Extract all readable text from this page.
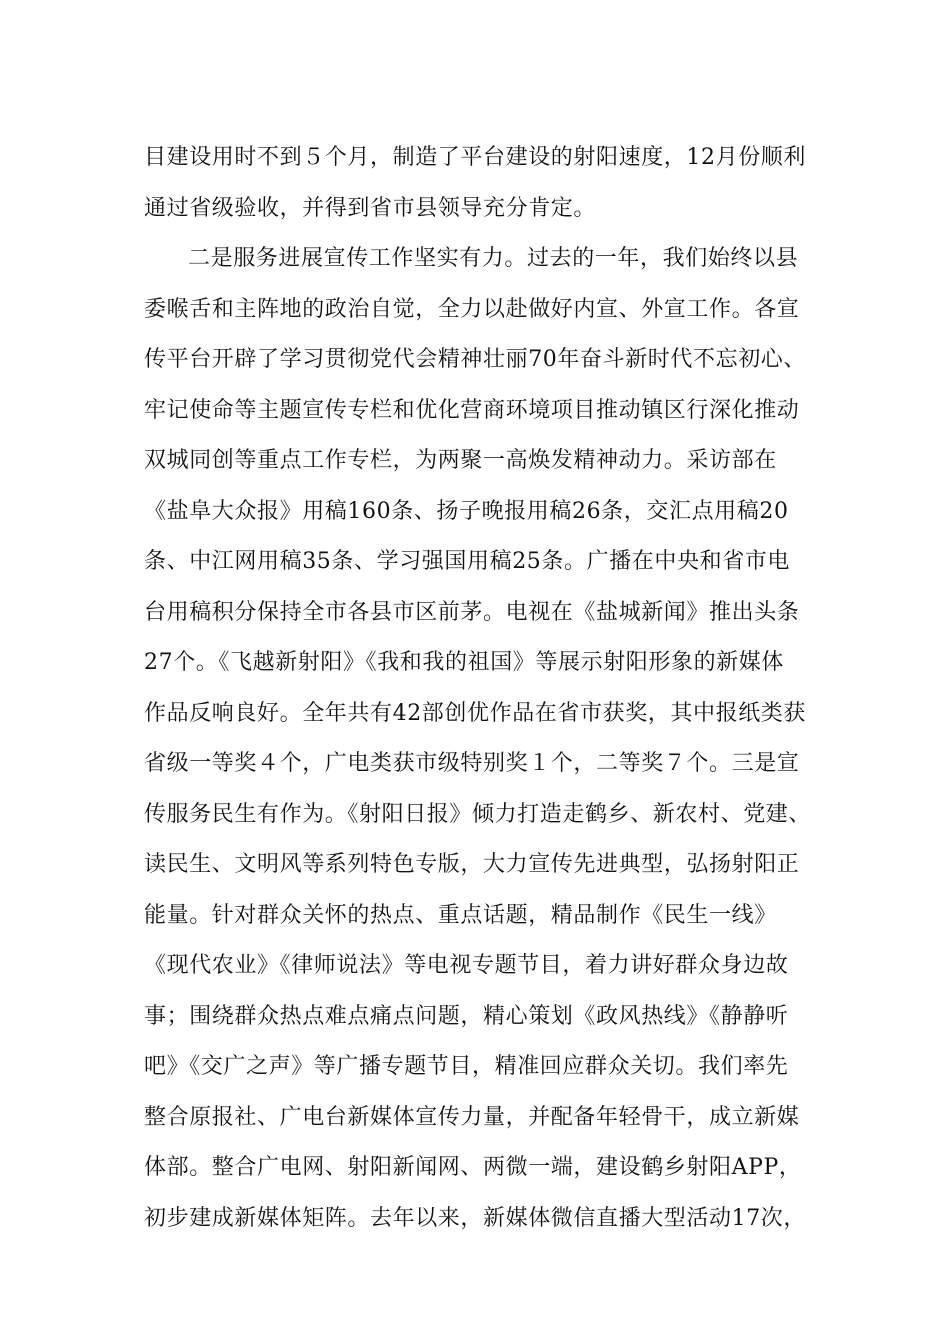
目建设用时不到５个月，制造了平台建设的射阳速度，12月份顺利
通过省级验收，并得到省市县领导充分肯定。
二是服务进展宣传工作坚实有力。过去的一年，我们始终以县
委喉舌和主阵地的政治自觉，全力以赴做好内宣、外宣工作。各宣
传平台开辟了学习贯彻党代会精神壮丽70年奋斗新时代不忘初心、
牢记使命等主题宣传专栏和优化营商环境项目推动镇区行深化推动
双城同创等重点工作专栏，为两聚一高焕发精神动力。采访部在
《盐阜大众报》用稿160条、扬子晚报用稿26条，交汇点用稿20
条、中江网用稿35条、学习强国用稿25条。广播在中央和省市电
台用稿积分保持全市各县市区前茅。电视在《盐城新闻》推出头条
27个。《飞越新射阳》《我和我的祖国》等展示射阳形象的新媒体
作品反响良好。全年共有42部创优作品在省市获奖，其中报纸类获
省级一等奖４个，广电类获市级特别奖１个，二等奖７个。三是宣
传服务民生有作为。《射阳日报》倾力打造走鹤乡、新农村、党建、
读民生、文明风等系列特色专版，大力宣传先进典型，弘扬射阳正
能量。针对群众关怀的热点、重点话题，精品制作《民生一线》
《现代农业》《律师说法》等电视专题节目，着力讲好群众身边故
事；围绕群众热点难点痛点问题，精心策划《政风热线》《静静听
吧》《交广之声》等广播专题节目，精准回应群众关切。我们率先
整合原报社、广电台新媒体宣传力量，并配备年轻骨干，成立新媒
体部。整合广电网、射阳新闻网、两微一端，建设鹤乡射阳APP，
初步建成新媒体矩阵。去年以来，新媒体微信直播大型活动17次，
